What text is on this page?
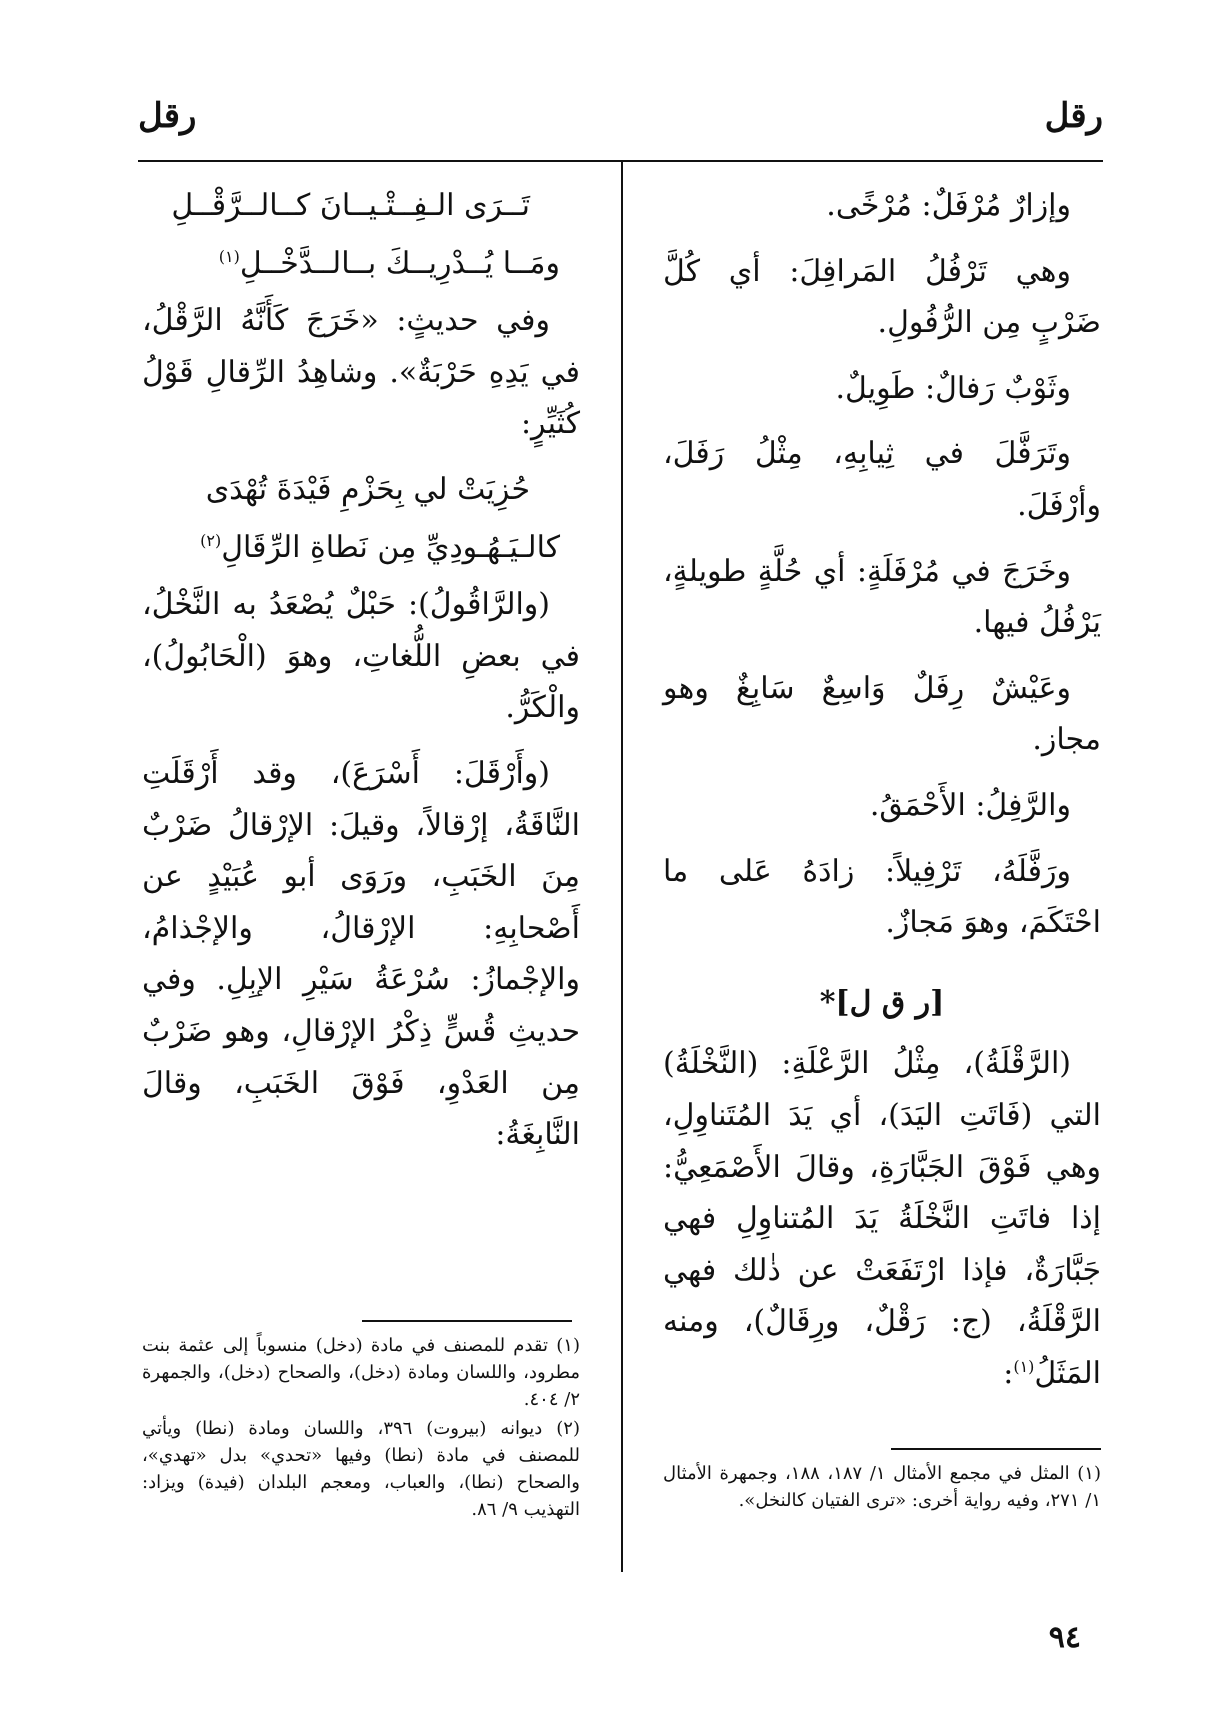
رقل
رقل

وإزارٌ مُرْفَلٌ: مُرْخًى.

وهي تَرْفُلُ المَرافِلَ: أي كُلَّ ضَرْبٍ مِن الرُّفُولِ.

وثَوْبٌ رَفالٌ: طَوِيلٌ.

وتَرَفَّلَ في ثِيابِهِ، مِثْلُ رَفَلَ، وأرْفَلَ.

وخَرَجَ في مُرْفَلَةٍ: أي حُلَّةٍ طويلةٍ، يَرْفُلُ فيها.

وعَيْشٌ رِفَلٌ وَاسِعٌ سَابِغٌ وهو مجاز.

والرَّفِلُ: الأَحْمَقُ.

ورَفَّلَهُ، تَرْفِيلاً: زادَهُ عَلى ما احْتَكَمَ، وهوَ مَجازٌ.

[ر ق ل]*

(الرَّقْلَةُ)، مِثْلُ الرَّعْلَةِ: (النَّخْلَةُ) التي (فَاتَتِ اليَدَ)، أي يَدَ المُتَناوِلِ، وهي فَوْقَ الجَبَّارَةِ، وقالَ الأَصْمَعِيُّ: إذا فاتَتِ النَّخْلَةُ يَدَ المُتناوِلِ فهي جَبَّارَةٌ، فإذا ارْتَفَعَتْ عن ذٰلك فهي الرَّقْلَةُ، (ج: رَقْلٌ، ورِقَالٌ)، ومنه المَثَلُ$^{(١)}$:

تَــرَى الـفِــتْـيــانَ كــالــرَّقْــلِ
ومَــا يُــدْرِيــكَ بــالــدَّخْــلِ$^{(١)}$

وفي حديثٍ: «خَرَجَ كَأَنَّهُ الرَّقْلُ، في يَدِهِ حَرْبَةٌ». وشاهِدُ الرِّقالِ قَوْلُ كُثَيِّرٍ:

حُزِيَتْ لي بِحَزْمِ فَيْدَةَ تُهْدَى
كالـيَـهُـودِيِّ مِن نَطاةِ الرِّقَالِ$^{(٢)}$

(والرَّاقُولُ): حَبْلٌ يُصْعَدُ به النَّخْلُ، في بعضِ اللُّغاتِ، وهوَ (الْحَابُولُ)، والْكَرُّ.

(وأَرْقَلَ: أَسْرَعَ)، وقد أَرْقَلَتِ النَّاقَةُ، إرْقالاً، وقيلَ: الإرْقالُ ضَرْبٌ مِنَ الخَبَبِ، ورَوَى أبو عُبَيْدٍ عن أَصْحابِهِ: الإرْقالُ، والإجْذامُ، والإجْمازُ: سُرْعَةُ سَيْرِ الإبِلِ. وفي حديثِ قُسٍّ ذِكْرُ الإرْقالِ، وهو ضَرْبٌ مِن العَدْوِ، فَوْقَ الخَبَبِ، وقالَ النَّابِغَةُ:

(١) تقدم للمصنف في مادة (دخل) منسوباً إلى عثمة بنت مطرود، واللسان ومادة (دخل)، والصحاح (دخل)، والجمهرة ٢/ ٤٠٤.

(٢) ديوانه (بيروت) ٣٩٦، واللسان ومادة (نطا) ويأتي للمصنف في مادة (نطا) وفيها «تحدي» بدل «تهدي»، والصحاح (نطا)، والعباب، ومعجم البلدان (فيدة) ويزاد: التهذيب ٩/ ٨٦.

(١) المثل في مجمع الأمثال ١/ ١٨٧، ١٨٨، وجمهرة الأمثال ١/ ٢٧١، وفيه رواية أخرى: «ترى الفتيان كالنخل».

٩٤
